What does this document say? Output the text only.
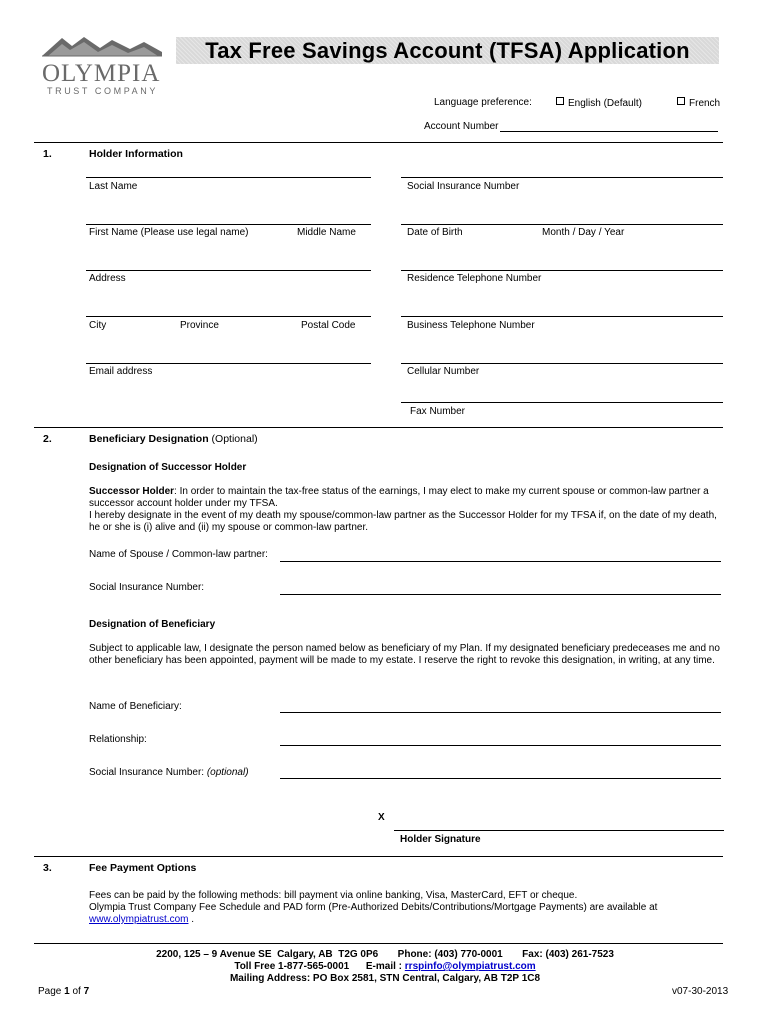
OLYMPIA
TRUST COMPANY
Tax Free Savings Account (TFSA) Application
Language preference:	English (Default)	French
Account Number
1.	Holder Information
Last Name	Social Insurance Number
First Name (Please use legal name)	Middle Name	Date of Birth	Month / Day / Year
Address	Residence Telephone Number
City	Province	Postal Code	Business Telephone Number
Email address	Cellular Number
Fax Number
2.	Beneficiary Designation (Optional)
Designation of Successor Holder
Successor Holder: In order to maintain the tax-free status of the earnings, I may elect to make my current spouse or common-law partner a successor account holder under my TFSA.
I hereby designate in the event of my death my spouse/common-law partner as the Successor Holder for my TFSA if, on the date of my death, he or she is (i) alive and (ii) my spouse or common-law partner.
Name of Spouse / Common-law partner:
Social Insurance Number:
Designation of Beneficiary
Subject to applicable law, I designate the person named below as beneficiary of my Plan. If my designated beneficiary predeceases me and no other beneficiary has been appointed, payment will be made to my estate. I reserve the right to revoke this designation, in writing, at any time.
Name of Beneficiary:
Relationship:
Social Insurance Number: (optional)
X
Holder Signature
3.	Fee Payment Options
Fees can be paid by the following methods: bill payment via online banking, Visa, MasterCard, EFT or cheque.
Olympia Trust Company Fee Schedule and PAD form (Pre-Authorized Debits/Contributions/Mortgage Payments) are available at
www.olympiatrust.com .
2200, 125 – 9 Avenue SE  Calgary, AB  T2G 0P6       Phone: (403) 770-0001       Fax: (403) 261-7523
Toll Free 1-877-565-0001      E-mail : rrspinfo@olympiatrust.com
Mailing Address: PO Box 2581, STN Central, Calgary, AB T2P 1C8
Page 1 of 7	v07-30-2013
